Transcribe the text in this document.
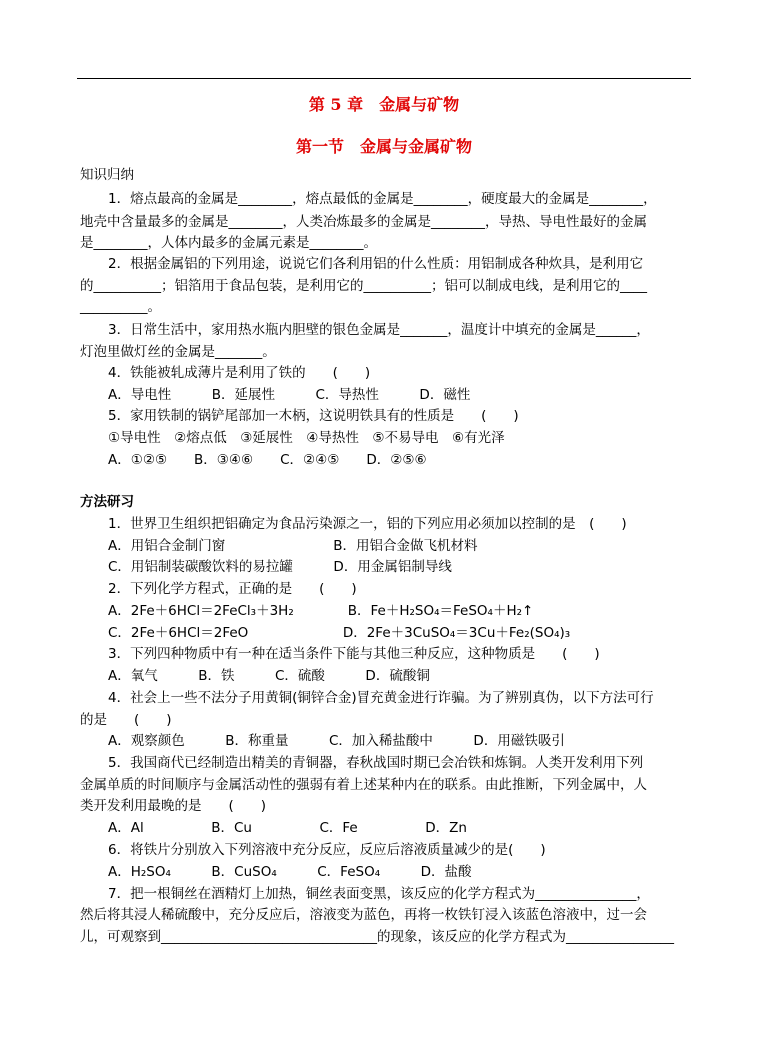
第 5 章　金属与矿物
第一节　金属与金属矿物
知识归纳
1．熔点最高的金属是________，熔点最低的金属是________，硬度最大的金属是________，
地壳中含量最多的金属是________，人类冶炼最多的金属是________，导热、导电性最好的金属
是________，人体内最多的金属元素是________。
2．根据金属铝的下列用途，说说它们各利用铝的什么性质：用铝制成各种炊具，是利用它
的__________；铝箔用于食品包装，是利用它的__________；铝可以制成电线，是利用它的____
__________。
3．日常生活中，家用热水瓶内胆壁的银色金属是_______，温度计中填充的金属是______，
灯泡里做灯丝的金属是_______。
4．铁能被轧成薄片是利用了铁的　　(　　)
A．导电性　　　B．延展性　　　C．导热性　　　D．磁性
5．家用铁制的锅铲尾部加一木柄，这说明铁具有的性质是　　(　　)
①导电性　②熔点低　③延展性　④导热性　⑤不易导电　⑥有光泽
A．①②⑤　　B．③④⑥　　C．②④⑤　　D．②⑤⑥
方法研习
1．世界卫生组织把铝确定为食品污染源之一，铝的下列应用必须加以控制的是　(　　)
A．用铝合金制门窗　　　　　　　　B．用铝合金做飞机材料
C．用铝制装碳酸饮料的易拉罐　　　D．用金属铝制导线
2．下列化学方程式，正确的是　　(　　)
A．2Fe＋6HCl＝2FeCl₃＋3H₂　　　　B．Fe＋H₂SO₄＝FeSO₄＋H₂↑
C．2Fe＋6HCl＝2FeO　　　　　　　D．2Fe＋3CuSO₄＝3Cu＋Fe₂(SO₄)₃
3．下列四种物质中有一种在适当条件下能与其他三种反应，这种物质是　　(　　)
A．氧气　　　B．铁　　　C．硫酸　　　D．硫酸铜
4．社会上一些不法分子用黄铜(铜锌合金)冒充黄金进行诈骗。为了辨别真伪，以下方法可行
的是　　(　　)
A．观察颜色　　　B．称重量　　　C．加入稀盐酸中　　　D．用磁铁吸引
5．我国商代已经制造出精美的青铜器，春秋战国时期已会冶铁和炼铜。人类开发利用下列
金属单质的时间顺序与金属活动性的强弱有着上述某种内在的联系。由此推断，下列金属中，人
类开发利用最晚的是　　(　　)
A．Al　　　　　B．Cu　　　　　C．Fe　　　　　D．Zn
6．将铁片分别放入下列溶液中充分反应，反应后溶液质量减少的是(　　)
A．H₂SO₄　　　B．CuSO₄　　　C．FeSO₄　　　D．盐酸
7．把一根铜丝在酒精灯上加热，铜丝表面变黑，该反应的化学方程式为_______________，
然后将其浸人稀硫酸中，充分反应后，溶液变为蓝色，再将一枚铁钉浸入该蓝色溶液中，过一会
儿，可观察到________________________________的现象，该反应的化学方程式为________________
